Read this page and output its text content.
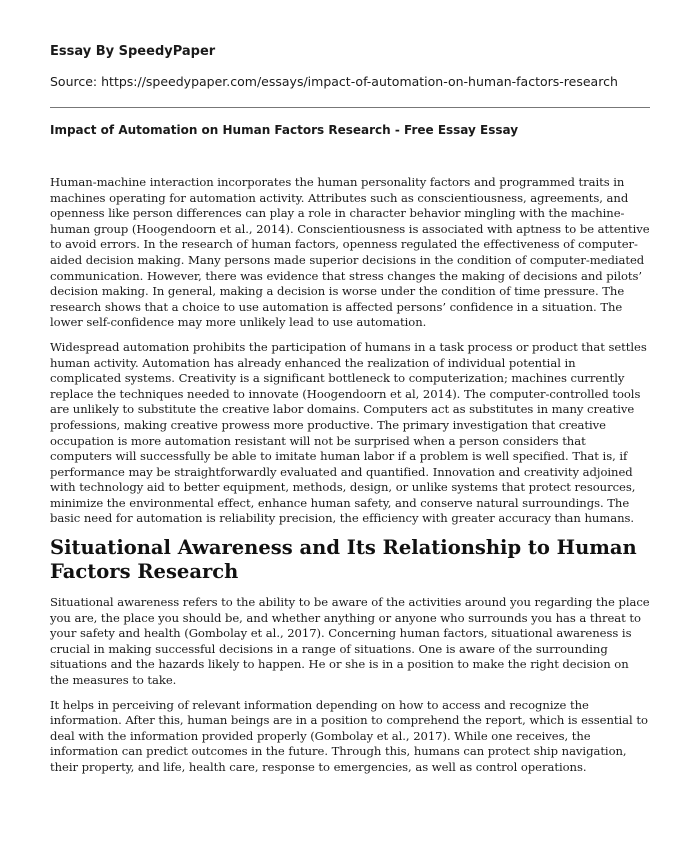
Essay By SpeedyPaper
Source: https://speedypaper.com/essays/impact-of-automation-on-human-factors-research
Impact of Automation on Human Factors Research - Free Essay Essay

Human-machine interaction incorporates the human personality factors and programmed traits in machines operating for automation activity. Attributes such as conscientiousness, agreements, and openness like person differences can play a role in character behavior mingling with the machine-human group (Hoogendoorn et al., 2014). Conscientiousness is associated with aptness to be attentive to avoid errors. In the research of human factors, openness regulated the effectiveness of computer-aided decision making. Many persons made superior decisions in the condition of computer-mediated communication. However, there was evidence that stress changes the making of decisions and pilots’ decision making. In general, making a decision is worse under the condition of time pressure. The research shows that a choice to use automation is affected persons’ confidence in a situation. The lower self-confidence may more unlikely lead to use automation.

Widespread automation prohibits the participation of humans in a task process or product that settles human activity. Automation has already enhanced the realization of individual potential in complicated systems. Creativity is a significant bottleneck to computerization; machines currently replace the techniques needed to innovate (Hoogendoorn et al, 2014). The computer-controlled tools are unlikely to substitute the creative labor domains. Computers act as substitutes in many creative professions, making creative prowess more productive. The primary investigation that creative occupation is more automation resistant will not be surprised when a person considers that computers will successfully be able to imitate human labor if a problem is well specified. That is, if performance may be straightforwardly evaluated and quantified. Innovation and creativity adjoined with technology aid to better equipment, methods, design, or unlike systems that protect resources, minimize the environmental effect, enhance human safety, and conserve natural surroundings. The basic need for automation is reliability precision, the efficiency with greater accuracy than humans.

Situational Awareness and Its Relationship to Human Factors Research

Situational awareness refers to the ability to be aware of the activities around you regarding the place you are, the place you should be, and whether anything or anyone who surrounds you has a threat to your safety and health (Gombolay et al., 2017). Concerning human factors, situational awareness is crucial in making successful decisions in a range of situations. One is aware of the surrounding situations and the hazards likely to happen. He or she is in a position to make the right decision on the measures to take.

It helps in perceiving of relevant information depending on how to access and recognize the information. After this, human beings are in a position to comprehend the report, which is essential to deal with the information provided properly (Gombolay et al., 2017). While one receives, the information can predict outcomes in the future. Through this, humans can protect ship navigation, their property, and life, health care, response to emergencies, as well as control operations.
